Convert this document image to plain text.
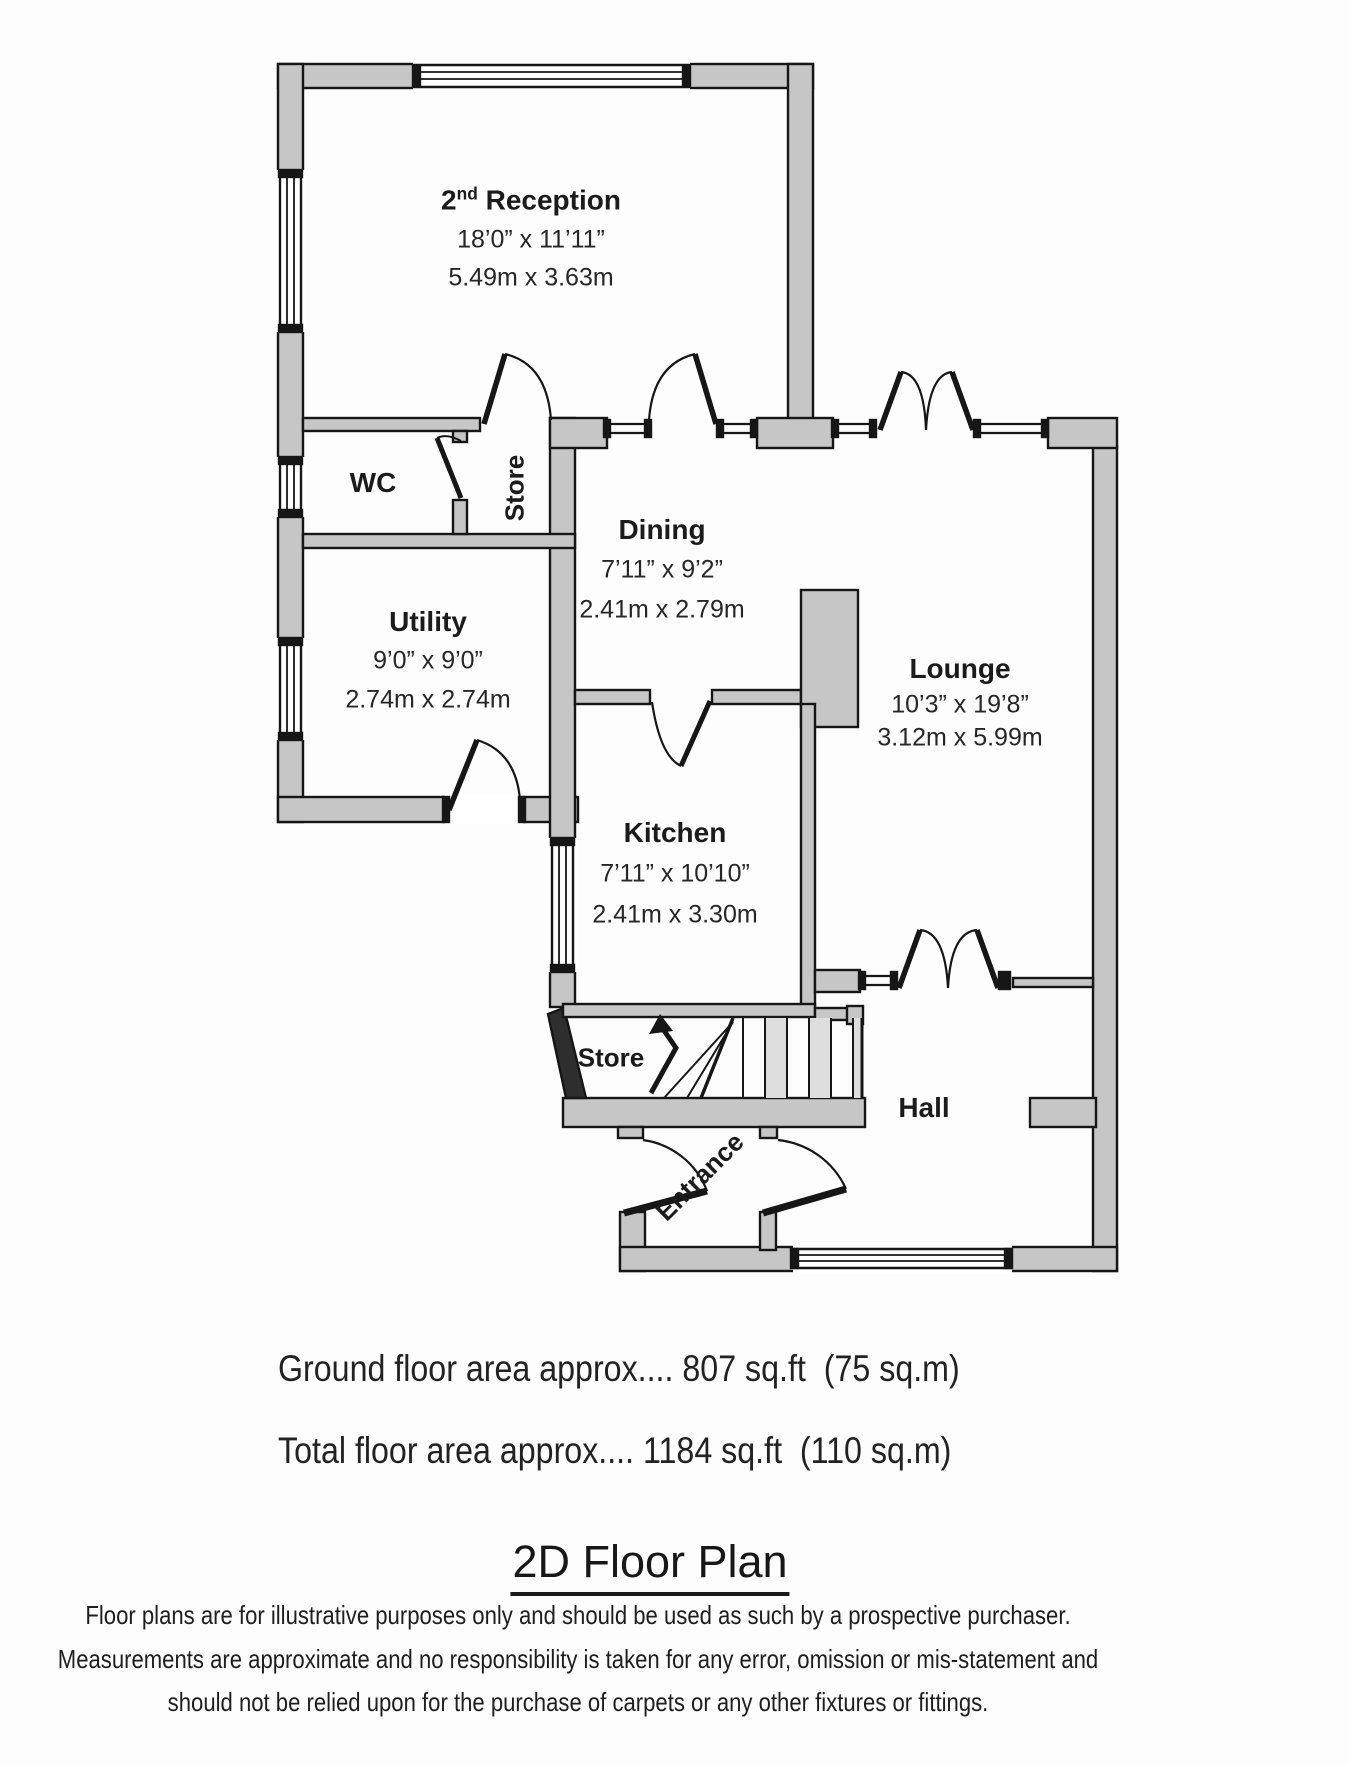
2nd Reception
18’0” x 11’11”
5.49m x 3.63m
WC	Store
Dining
7’11” x 9’2”
2.41m x 2.79m
Utility
9’0” x 9’0”
2.74m x 2.74m
Lounge
10’3” x 19’8”
3.12m x 5.99m
Kitchen
7’11” x 10’10”
2.41m x 3.30m
Store
Hall
Entrance
Ground floor area approx.... 807 sq.ft  (75 sq.m)
Total floor area approx.... 1184 sq.ft  (110 sq.m)
2D Floor Plan
Floor plans are for illustrative purposes only and should be used as such by a prospective purchaser.
Measurements are approximate and no responsibility is taken for any error, omission or mis-statement and
should not be relied upon for the purchase of carpets or any other fixtures or fittings.
